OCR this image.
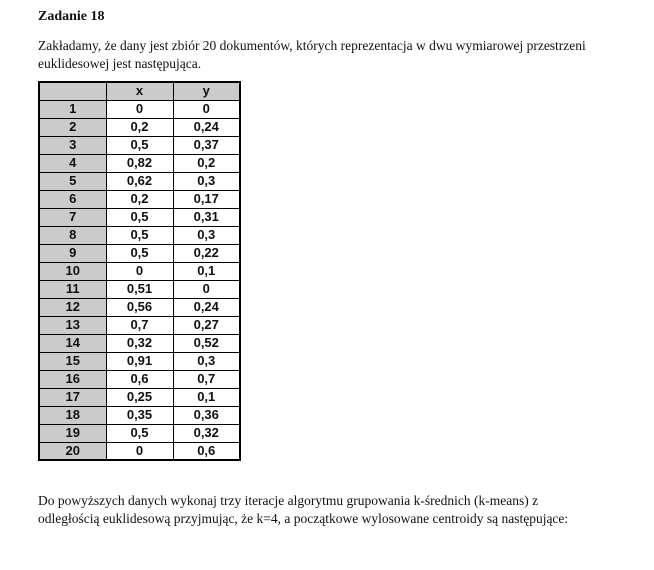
Zadanie 18

Zakładamy, że dany jest zbiór 20 dokumentów, których reprezentacja w dwu wymiarowej przestrzeni
euklidesowej jest następująca.

	x	y
1	0	0
2	0,2	0,24
3	0,5	0,37
4	0,82	0,2
5	0,62	0,3
6	0,2	0,17
7	0,5	0,31
8	0,5	0,3
9	0,5	0,22
10	0	0,1
11	0,51	0
12	0,56	0,24
13	0,7	0,27
14	0,32	0,52
15	0,91	0,3
16	0,6	0,7
17	0,25	0,1
18	0,35	0,36
19	0,5	0,32
20	0	0,6

Do powyższych danych wykonaj trzy iteracje algorytmu grupowania k-średnich (k-means) z
odległością euklidesową przyjmując, że k=4, a początkowe wylosowane centroidy są następujące:
